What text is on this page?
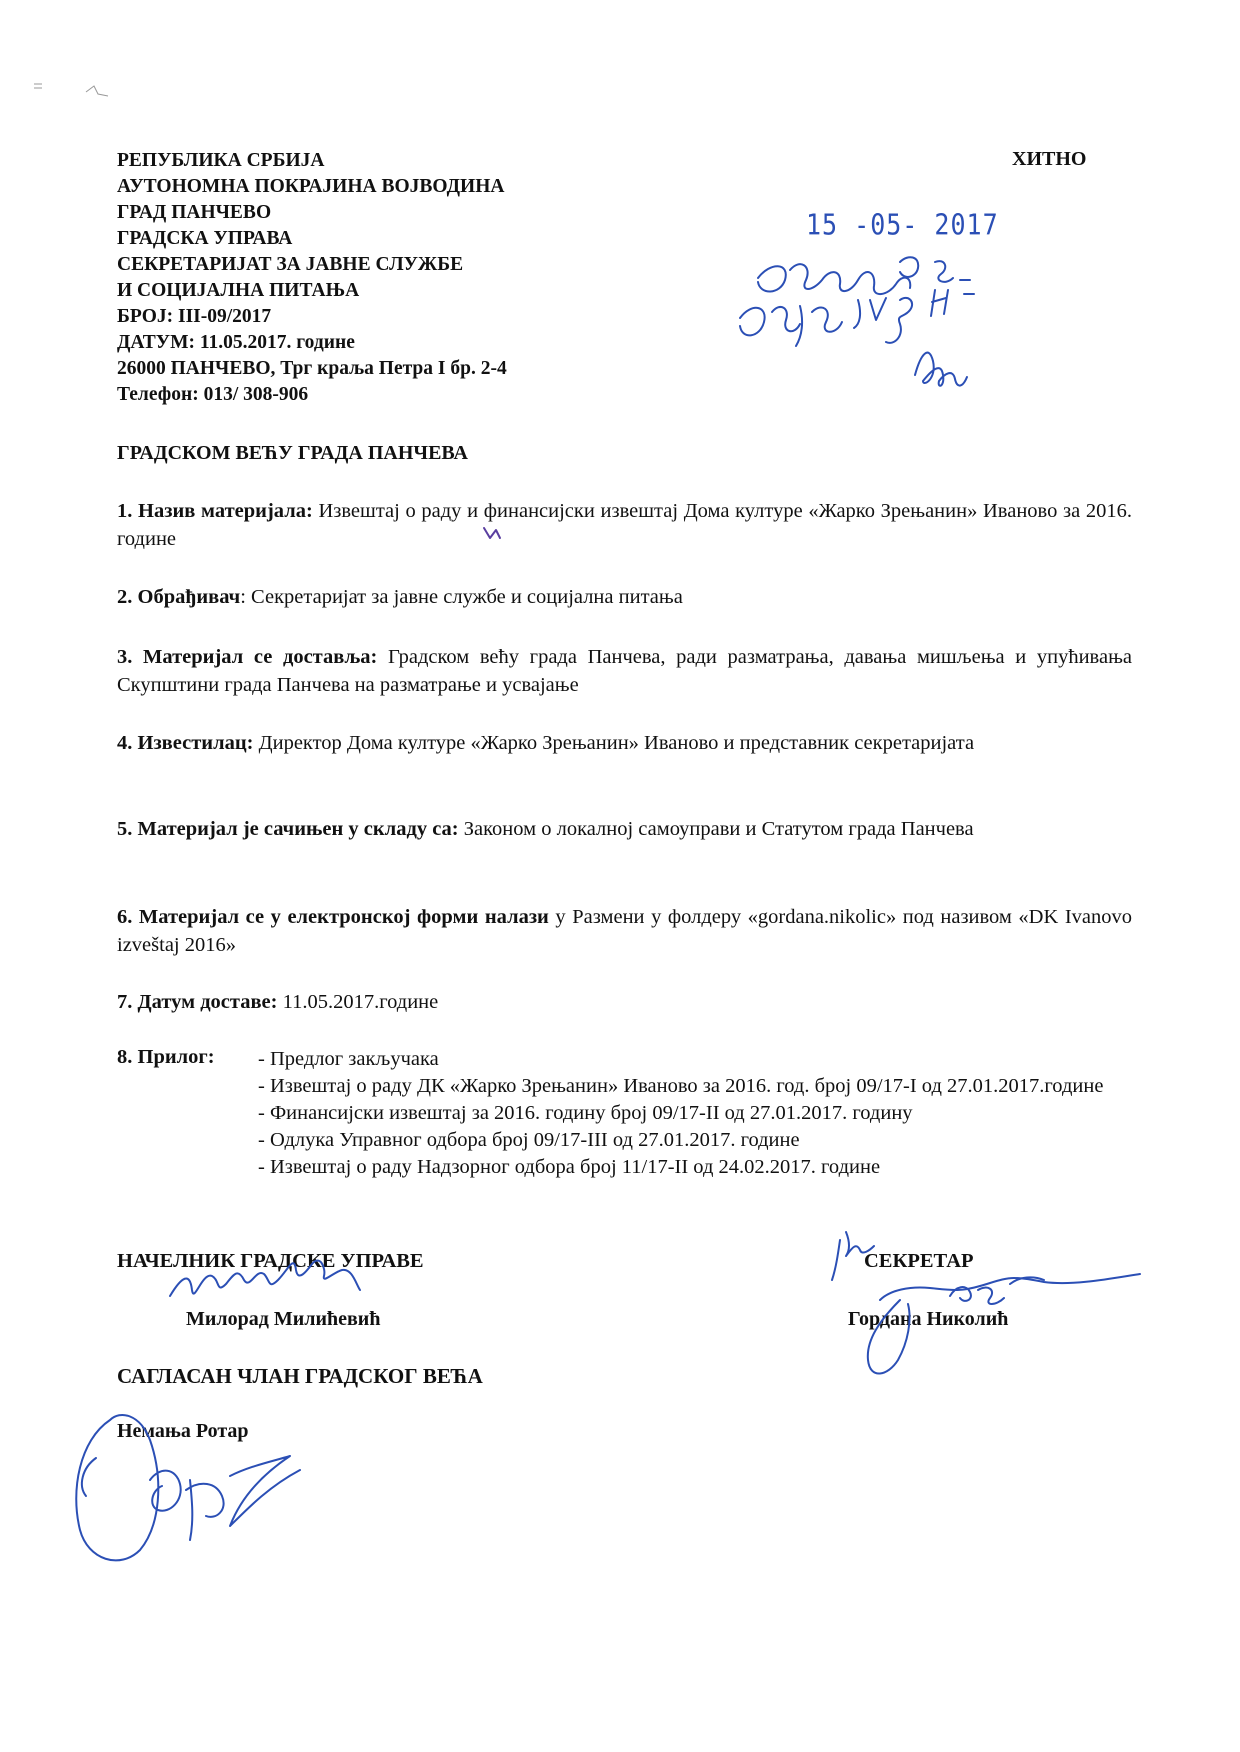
РЕПУБЛИКА СРБИЈА
АУТОНОМНА ПОКРАЈИНА ВОЈВОДИНА
ГРАД ПАНЧЕВО
ГРАДСКА УПРАВА
СЕКРЕТАРИЈАТ ЗА ЈАВНЕ СЛУЖБЕ
И СОЦИЈАЛНА ПИТАЊА
БРОЈ: III-09/2017
ДАТУМ: 11.05.2017. године
26000 ПАНЧЕВО, Трг краља Петра I бр. 2-4
Телефон: 013/ 308-906
ХИТНО
15 -05- 2017
ГРАДСКОМ ВЕЋУ ГРАДА ПАНЧЕВА
1. Назив материјала: Извештај о раду и финансијски извештај Дома културе «Жарко Зрењанин» Иваново за 2016. године
2. Обрађивач: Секретаријат за јавне службе и социјална питања
3. Материјал се доставља: Градском већу града Панчева, ради разматрања, давања мишљења и упућивања Скупштини града Панчева на разматрање и усвајање
4. Известилац: Директор Дома културе «Жарко Зрењанин» Иваново и представник секретаријата
5. Материјал је сачињен у складу са: Законом о локалној самоуправи и Статутом града Панчева
6. Материјал се у електронској форми налази у Размени у фолдеру «gordana.nikolic» под називом «DK Ivanovo izveštaj 2016»
7. Датум доставе: 11.05.2017.године
8. Прилог: - Предлог закључака
- Извештај о раду ДК «Жарко Зрењанин» Иваново за 2016. год. број 09/17-I од 27.01.2017.године
- Финансијски извештај за 2016. годину број 09/17-II од 27.01.2017. годину
- Одлука Управног одбора број 09/17-III од 27.01.2017. године
- Извештај о раду Надзорног одбора број 11/17-II од 24.02.2017. године
НАЧЕЛНИК ГРАДСКЕ УПРАВЕ
Милорад Милићевић
СЕКРЕТАР
Гордана Николић
САГЛАСАН ЧЛАН ГРАДСКОГ ВЕЋА
Немања Ротар
